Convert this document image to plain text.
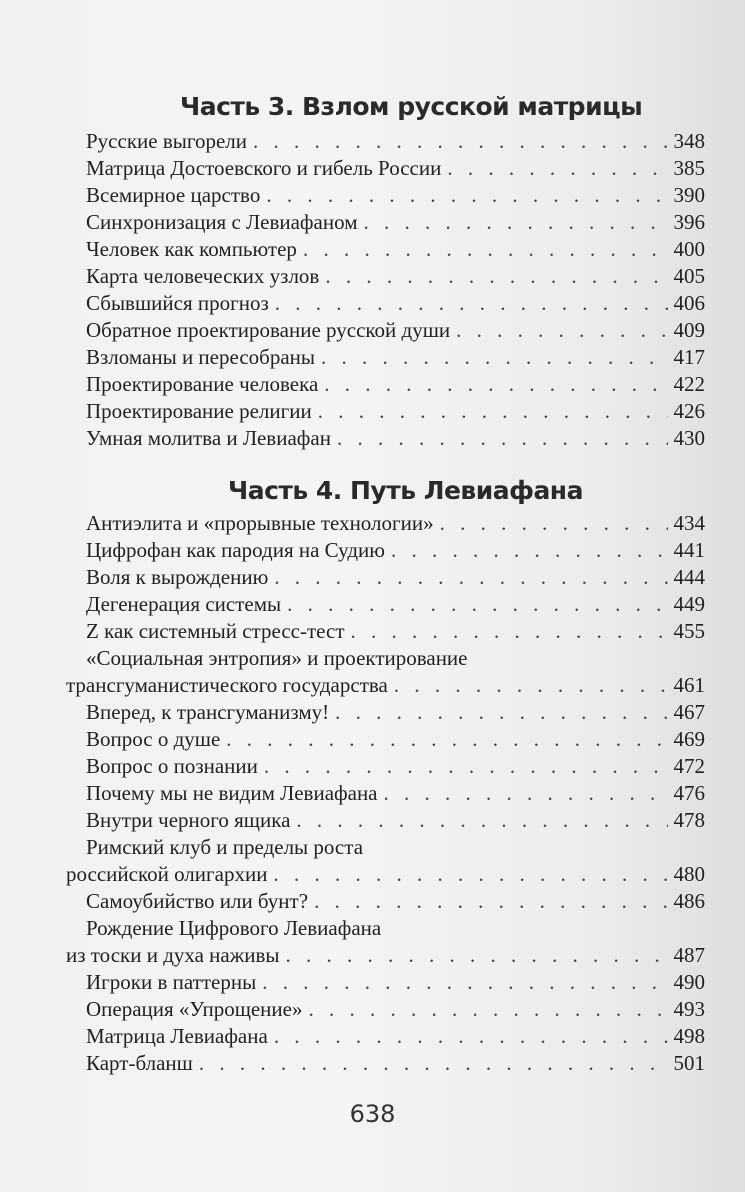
Часть 3. Взлом русской матрицы
Русские выгорели . . .	348
Матрица Достоевского и гибель России . . .	385
Всемирное царство . . .	390
Синхронизация с Левиафаном . . .	396
Человек как компьютер . . .	400
Карта человеческих узлов . . .	405
Сбывшийся прогноз . . .	406
Обратное проектирование русской души . . .	409
Взломаны и пересобраны . . .	417
Проектирование человека . . .	422
Проектирование религии . . .	426
Умная молитва и Левиафан . . .	430
Часть 4. Путь Левиафана
Антиэлита и «прорывные технологии» . . .	434
Цифрофан как пародия на Судию . . .	441
Воля к вырождению . . .	444
Дегенерация системы . . .	449
Z как системный стресс-тест . . .	455
«Социальная энтропия» и проектирование
трансгуманистического государства . . .	461
Вперед, к трансгуманизму! . . .	467
Вопрос о душе . . .	469
Вопрос о познании . . .	472
Почему мы не видим Левиафана . . .	476
Внутри черного ящика . . .	478
Римский клуб и пределы роста
российской олигархии . . .	480
Самоубийство или бунт? . . .	486
Рождение Цифрового Левиафана
из тоски и духа наживы . . .	487
Игроки в паттерны . . .	490
Операция «Упрощение» . . .	493
Матрица Левиафана . . .	498
Карт-бланш . . .	501
638
